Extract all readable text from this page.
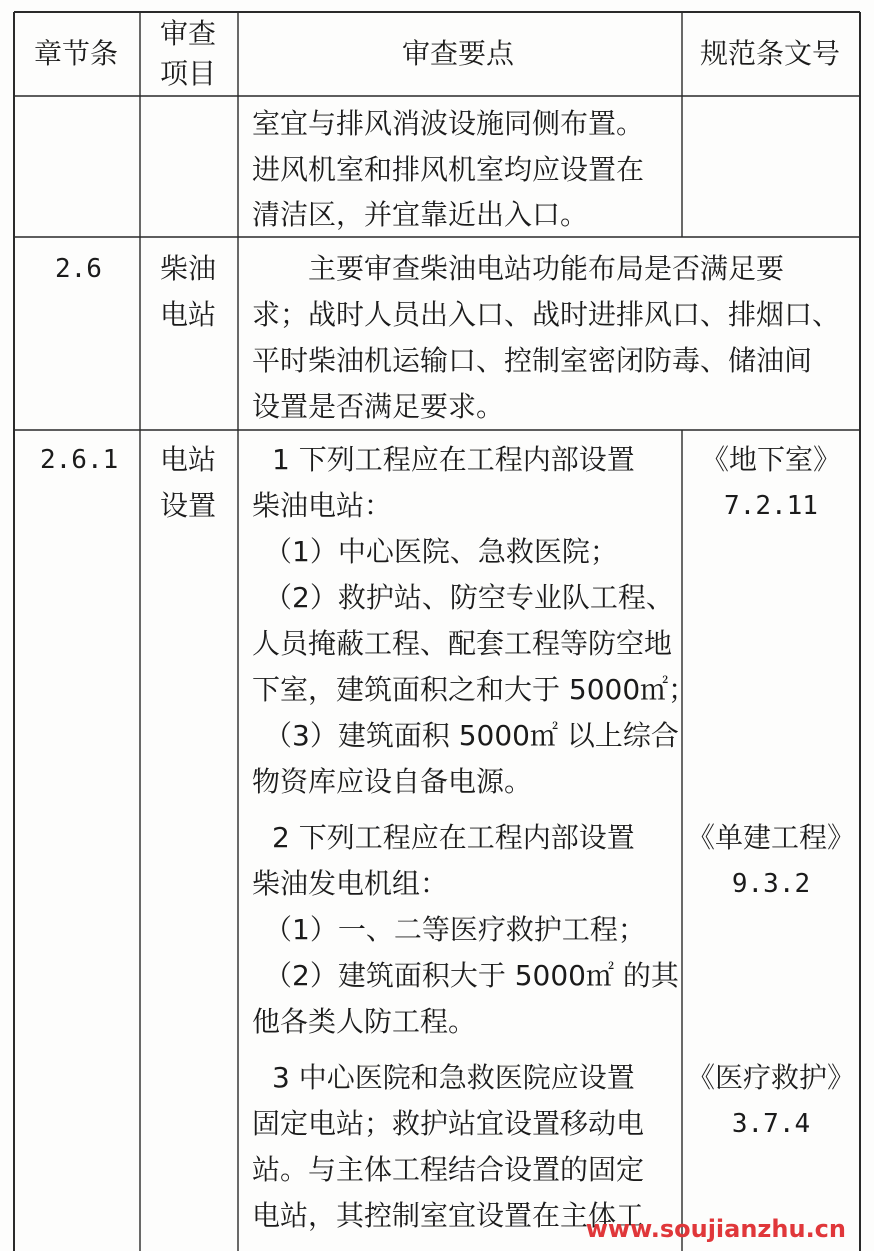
章节条
审查
项目
审查要点	规范条文号
室宜与排风消波设施同侧布置。
进风机室和排风机室均应设置在
清洁区，并宜靠近出入口。
2.6 柴油
电站
主要审查柴油电站功能布局是否满足要
求；战时人员出入口、战时进排风口、排烟口、
平时柴油机运输口、控制室密闭防毒、储油间
设置是否满足要求。
2.6.1 电站
设置
1 下列工程应在工程内部设置
柴油电站：
（1）中心医院、急救医院；
（2）救护站、防空专业队工程、
人员掩蔽工程、配套工程等防空地
下室，建筑面积之和大于 5000㎡；
（3）建筑面积 5000㎡ 以上综合
物资库应设自备电源。
2 下列工程应在工程内部设置
柴油发电机组：
（1）一、二等医疗救护工程；
（2）建筑面积大于 5000㎡ 的其
他各类人防工程。
3 中心医院和急救医院应设置
固定电站；救护站宜设置移动电
站。与主体工程结合设置的固定
电站，其控制室宜设置在主体工
《地下室》
7.2.11
《单建工程》
9.3.2
《医疗救护》
3.7.4
www.soujianzhu.cn
